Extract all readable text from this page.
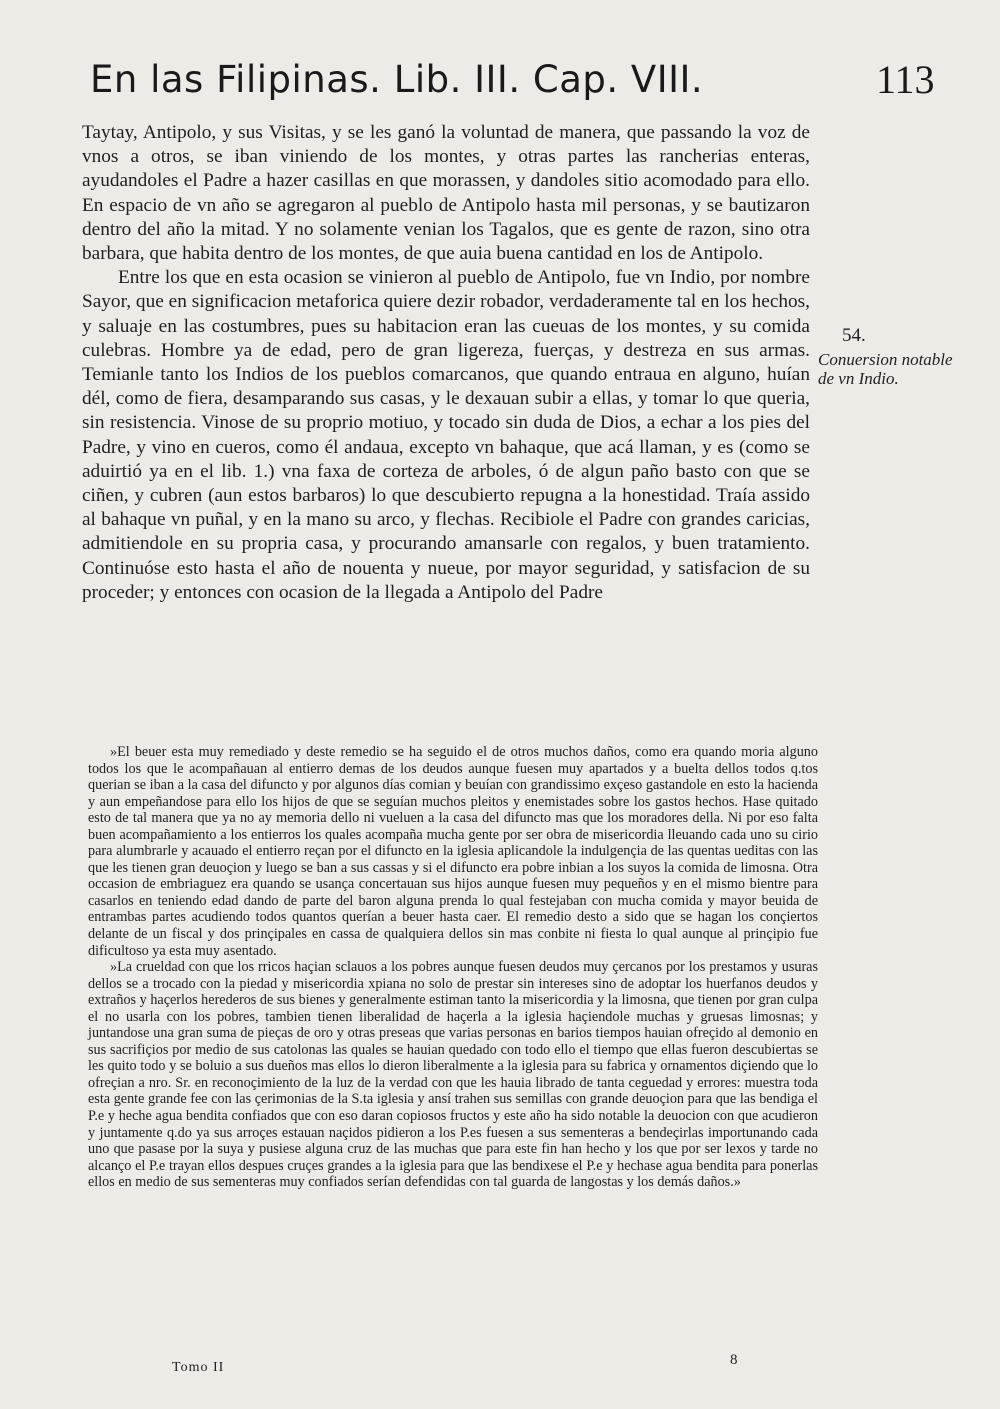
En las Filipinas. Lib. III. Cap. VIII.	113

Taytay, Antipolo, y sus Visitas, y se les ganó la voluntad de manera, que passando la voz de vnos a otros, se iban viniendo de los montes, y otras partes las rancherias enteras, ayudandoles el Padre a hazer casillas en que morassen, y dandoles sitio acomodado para ello. En espacio de vn año se agregaron al pueblo de Antipolo hasta mil personas, y se bautizaron dentro del año la mitad. Y no solamente venian los Tagalos, que es gente de razon, sino otra barbara, que habita dentro de los montes, de que auia buena cantidad en los de Antipolo.

Entre los que en esta ocasion se vinieron al pueblo de Antipolo, fue vn Indio, por nombre Sayor, que en significacion metaforica quiere dezir robador, verdaderamente tal en los hechos, y saluaje en las costumbres, pues su habitacion eran las cueuas de los montes, y su comida culebras. Hombre ya de edad, pero de gran ligereza, fuerças, y destreza en sus armas. Temianle tanto los Indios de los pueblos comarcanos, que quando entraua en alguno, huían dél, como de fiera, desamparando sus casas, y le dexauan subir a ellas, y tomar lo que queria, sin resistencia. Vinose de su proprio motiuo, y tocado sin duda de Dios, a echar a los pies del Padre, y vino en cueros, como él andaua, excepto vn bahaque, que acá llaman, y es (como se aduirtió ya en el lib. 1.) vna faxa de corteza de arboles, ó de algun paño basto con que se ciñen, y cubren (aun estos barbaros) lo que descubierto repugna a la honestidad. Traía assido al bahaque vn puñal, y en la mano su arco, y flechas. Recibiole el Padre con grandes caricias, admitiendole en su propria casa, y procurando amansarle con regalos, y buen tratamiento. Continuóse esto hasta el año de nouenta y nueue, por mayor seguridad, y satisfacion de su proceder; y entonces con ocasion de la llegada a Antipolo del Padre

54.
Conuersion notable de vn Indio.

»El beuer esta muy remediado y deste remedio se ha seguido el de otros muchos daños, como era quando moria alguno todos los que le acompañauan al entierro demas de los deudos aunque fuesen muy apartados y a buelta dellos todos q.tos querian se iban a la casa del difuncto y por algunos días comian y beuían con grandissimo exçeso gastandole en esto la hacienda y aun empeñandose para ello los hijos de que se seguían muchos pleitos y enemistades sobre los gastos hechos. Hase quitado esto de tal manera que ya no ay memoria dello ni vueluen a la casa del difuncto mas que los moradores della. Ni por eso falta buen acompañamiento a los entierros los quales acompaña mucha gente por ser obra de misericordia lleuando cada uno su cirio para alumbrarle y acauado el entierro reçan por el difuncto en la iglesia aplicandole la indulgençia de las quentas ueditas con las que les tienen gran deuoçion y luego se ban a sus cassas y si el difuncto era pobre inbian a los suyos la comida de limosna. Otra occasion de embriaguez era quando se usança concertauan sus hijos aunque fuesen muy pequeños y en el mismo bientre para casarlos en teniendo edad dando de parte del baron alguna prenda lo qual festejaban con mucha comida y mayor beuida de entrambas partes acudiendo todos quantos querían a beuer hasta caer. El remedio desto a sido que se hagan los conçiertos delante de un fiscal y dos prinçipales en cassa de qualquiera dellos sin mas conbite ni fiesta lo qual aunque al prinçipio fue dificultoso ya esta muy asentado.

»La crueldad con que los rricos haçian sclauos a los pobres aunque fuesen deudos muy çercanos por los prestamos y usuras dellos se a trocado con la piedad y misericordia xpiana no solo de prestar sin intereses sino de adoptar los huerfanos deudos y extraños y haçerlos herederos de sus bienes y generalmente estiman tanto la misericordia y la limosna, que tienen por gran culpa el no usarla con los pobres, tambien tienen liberalidad de haçerla a la iglesia haçiendole muchas y gruesas limosnas; y juntandose una gran suma de pieças de oro y otras preseas que varias personas en barios tiempos hauian ofreçido al demonio en sus sacrifiçios por medio de sus catolonas las quales se hauian quedado con todo ello el tiempo que ellas fueron descubiertas se les quito todo y se boluio a sus dueños mas ellos lo dieron liberalmente a la iglesia para su fabrica y ornamentos diçiendo que lo ofreçian a nro. Sr. en reconoçimiento de la luz de la verdad con que les hauia librado de tanta ceguedad y errores: muestra toda esta gente grande fee con las çerimonias de la S.ta iglesia y ansí trahen sus semillas con grande deuoçion para que las bendiga el P.e y heche agua bendita confiados que con eso daran copiosos fructos y este año ha sido notable la deuocion con que acudieron y juntamente q.do ya sus arroçes estauan naçidos pidieron a los P.es fuesen a sus sementeras a bendeçirlas importunando cada uno que pasase por la suya y pusiese alguna cruz de las muchas que para este fin han hecho y los que por ser lexos y tarde no alcanço el P.e trayan ellos despues cruçes grandes a la iglesia para que las bendixese el P.e y hechase agua bendita para ponerlas ellos en medio de sus sementeras muy confiados serían defendidas con tal guarda de langostas y los demás daños.»

Tomo II	8
